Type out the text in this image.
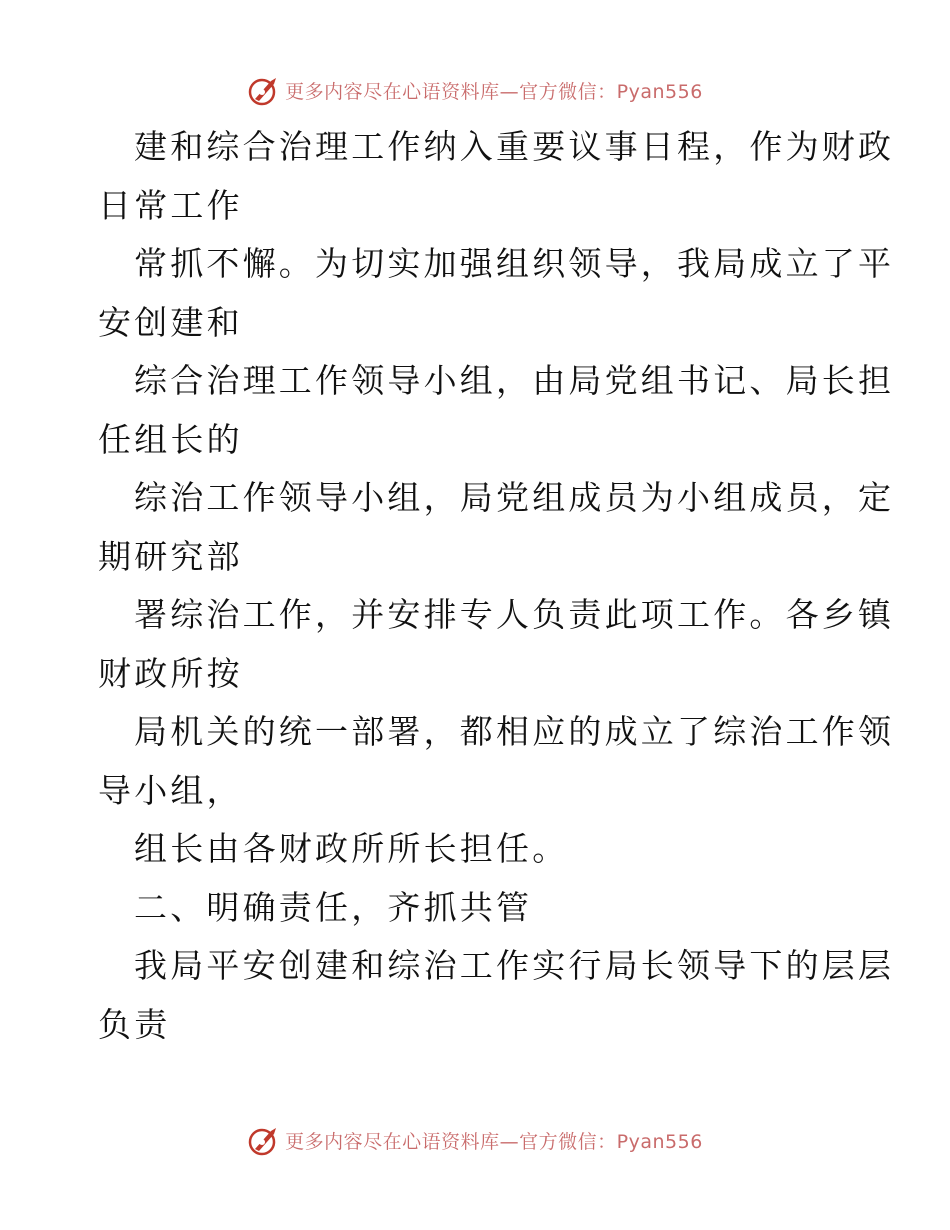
更多内容尽在心语资料库—官方微信：Pyan556
建和综合治理工作纳入重要议事日程，作为财政
日常工作
常抓不懈。为切实加强组织领导，我局成立了平
安创建和
综合治理工作领导小组，由局党组书记、局长担
任组长的
综治工作领导小组，局党组成员为小组成员，定
期研究部
署综治工作，并安排专人负责此项工作。各乡镇
财政所按
局机关的统一部署，都相应的成立了综治工作领
导小组，
组长由各财政所所长担任。
二、明确责任，齐抓共管
我局平安创建和综治工作实行局长领导下的层层
负责
更多内容尽在心语资料库—官方微信：Pyan556
